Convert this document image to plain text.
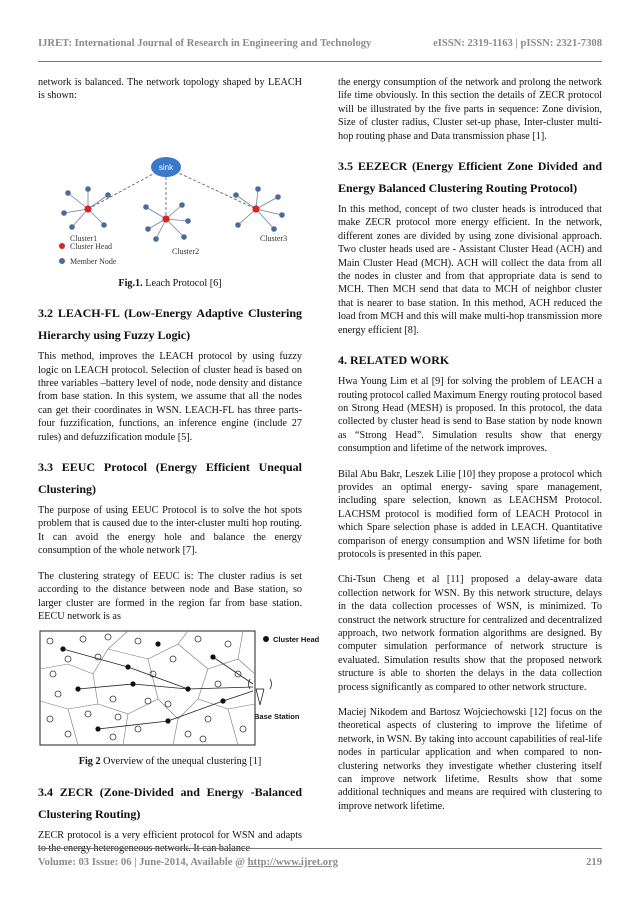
IJRET: International Journal of Research in Engineering and Technology	eISSN: 2319-1163 | pISSN: 2321-7308

network is balanced. The network topology shaped by LEACH is shown:

sink
Cluster1
Cluster2
Cluster3
Cluster Head
Member Node
Fig.1. Leach Protocol [6]
3.2 LEACH-FL (Low-Energy Adaptive Clustering Hierarchy using Fuzzy Logic)

This method, improves the LEACH protocol by using fuzzy logic on LEACH protocol. Selection of cluster head is based on three variables –battery level of node, node density and distance from base station. In this system, we assume that all the nodes can get their coordinates in WSN. LEACH-FL has three parts-four fuzzification, functions, an inference engine (include 27 rules) and defuzzification module [5].

3.3 EEUC Protocol (Energy Efficient Unequal Clustering)

The purpose of using EEUC Protocol is to solve the hot spots problem that is caused due to the inter-cluster multi hop routing. It can avoid the energy hole and balance the energy consumption of the whole network [7].

The clustering strategy of EEUC is: The cluster radius is set according to the distance between node and Base station, so larger cluster are formed in the region far from base station. EECU network is as

Cluster Head
Base Station
Fig 2 Overview of the unequal clustering [1]
3.4 ZECR (Zone-Divided and Energy -Balanced Clustering Routing)

ZECR protocol is a very efficient protocol for WSN and adapts to the energy heterogeneous network. It can balance

the energy consumption of the network and prolong the network life time obviously. In this section the details of ZECR protocol will be illustrated by the five parts in sequence: Zone division, Size of cluster radius, Cluster set-up phase, Inter-cluster multi-hop routing phase and Data transmission phase [1].

3.5 EEZECR (Energy Efficient Zone Divided and Energy Balanced Clustering Routing Protocol)

In this method, concept of two cluster heads is introduced that make ZECR protocol more energy efficient. In the network, different zones are divided by using zone divisional approach. Two cluster heads used are - Assistant Cluster Head (ACH) and Main Cluster Head (MCH). ACH will collect the data from all the nodes in cluster and from that appropriate data is send to MCH. Then MCH send that data to MCH of neighbor cluster that is nearer to base station. In this method, ACH reduced the load from MCH and this will make multi-hop transmission more energy efficient [8].

4. RELATED WORK

Hwa Young Lim et al [9] for solving the problem of LEACH a routing protocol called Maximum Energy routing protocol based on Strong Head (MESH) is proposed. In this protocol, the data collected by cluster head is send to Base station by node known as “Strong Head”. Simulation results show that energy consumption and lifetime of the network improves.

Bilal Abu Bakr, Leszek Lilie [10] they propose a protocol which provides an optimal energy- saving spare management, including spare selection, known as LEACHSM Protocol. LACHSM protocol is modified form of LEACH Protocol in which Spare selection phase is added in LEACH. Quantitative comparison of energy consumption and WSN lifetime for both protocols is presented in this paper.

Chi-Tsun Cheng et al [11] proposed a delay-aware data collection network for WSN. By this network structure, delays in the data collection processes of WSN, is minimized. To construct the network structure for centralized and decentralized approach, two network formation algorithms are designed. By computer simulation performance of network structure is evaluated. Simulation results show that the proposed network structure is able to shorten the delays in the data collection process significantly as compared to other network structure.

Maciej Nikodem and Bartosz Wojciechowski [12] focus on the theoretical aspects of clustering to improve the lifetime of network, in WSN. By taking into account capabilities of real-life nodes in particular application and when compared to non-clustering networks they investigate whether clustering itself can improve network lifetime. Results show that some additional techniques and means are required with clustering to improve network lifetime.

Volume: 03 Issue: 06 | June-2014, Available @ http://www.ijret.org	219
